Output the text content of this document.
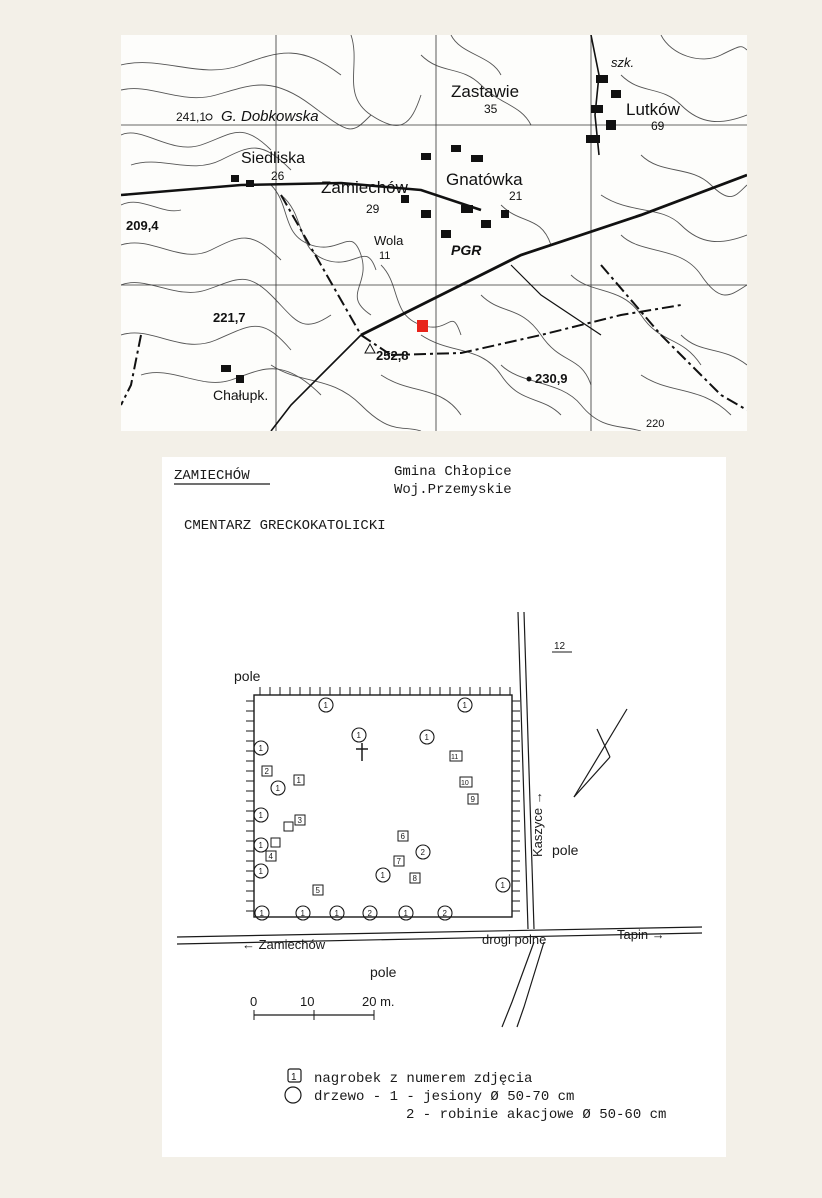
Zastawie
35
szk.
Lutków
69
241,1 G. Dobkowska
Siedliska
26
Zamiechów Gnatówka
21
29
Wola
11	PGR
209,4
221,7
252,8
230,9
Chałupk.
220
ZAMIECHÓW	Gmina Chłopice
Woj.Przemyskie
CMENTARZ GRECKOKATOLICKI
pole
pole
pole
← Zamiechów	drogi polne	Tapin →
Kaszyce →
12
1
2
3
4
5
6
7
8
9
10
11
1	1
1	1
1
1
1
1
1
2
1
1
1	1	1	2	1	2
0	10	20 m.
1 nagrobek z numerem zdjęcia
drzewo - 1 - jesiony Ø 50-70 cm
2 - robinie akacjowe Ø 50-60 cm
